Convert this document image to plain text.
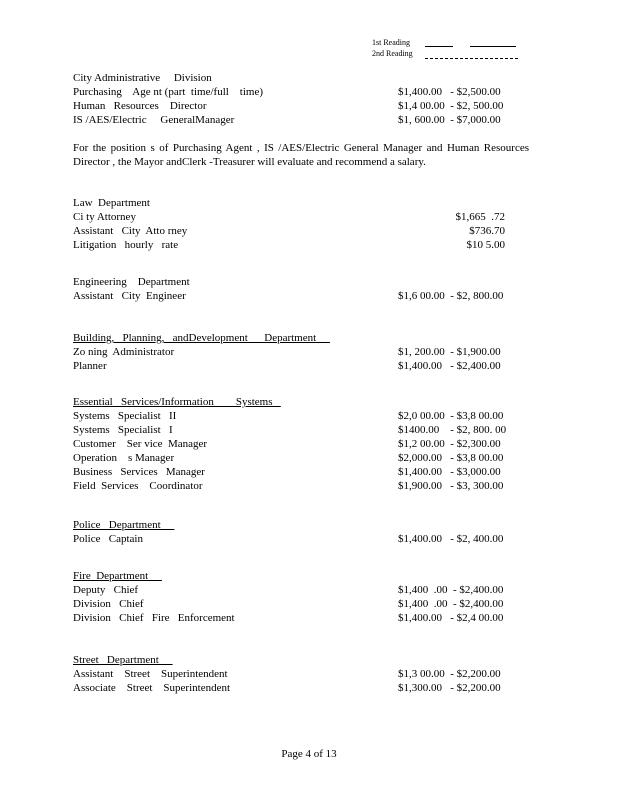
1st Reading
2nd Reading
City Administrative     Division
Purchasing    Age nt (part  time/full    time)	$1,400.00   - $2,500.00
Human   Resources    Director	$1,4 00.00  - $2, 500.00
IS /AES/Electric     GeneralManager	$1, 600.00  - $7,000.00
Law  Department
Ci ty Attorney	$1,665  .72
Assistant   City  Atto rney	$736.70
Litigation   hourly   rate	$10 5.00
Engineering    Department
Assistant   City  Engineer	$1,6 00.00  - $2, 800.00
Building,   Planning,   andDevelopment      Department
Zo ning  Administrator	$1, 200.00  - $1,900.00
Planner	$1,400.00   - $2,400.00
Essential   Services/Information        Systems
Systems   Specialist   II	$2,0 00.00  - $3,8 00.00
Systems   Specialist   I	$1400.00    - $2, 800. 00
Customer    Ser vice  Manager	$1,2 00.00  - $2,300.00
Operation    s Manager	$2,000.00   - $3,8 00.00
Business   Services   Manager	$1,400.00   - $3,000.00
Field  Services    Coordinator	$1,900.00   - $3, 300.00
Police   Department
Police   Captain	$1,400.00   - $2, 400.00
Fire  Department
Deputy   Chief	$1,400  .00  - $2,400.00
Division   Chief	$1,400  .00  - $2,400.00
Division   Chief   Fire   Enforcement	$1,400.00   - $2,4 00.00
Street   Department
Assistant    Street    Superintendent	$1,3 00.00  - $2,200.00
Associate    Street    Superintendent	$1,300.00   - $2,200.00
For the position s of Purchasing Agent , IS /AES/Electric General Manager and Human Resources Director , the Mayor andClerk -Treasurer will evaluate and recommend a salary.
Page 4 of 13
